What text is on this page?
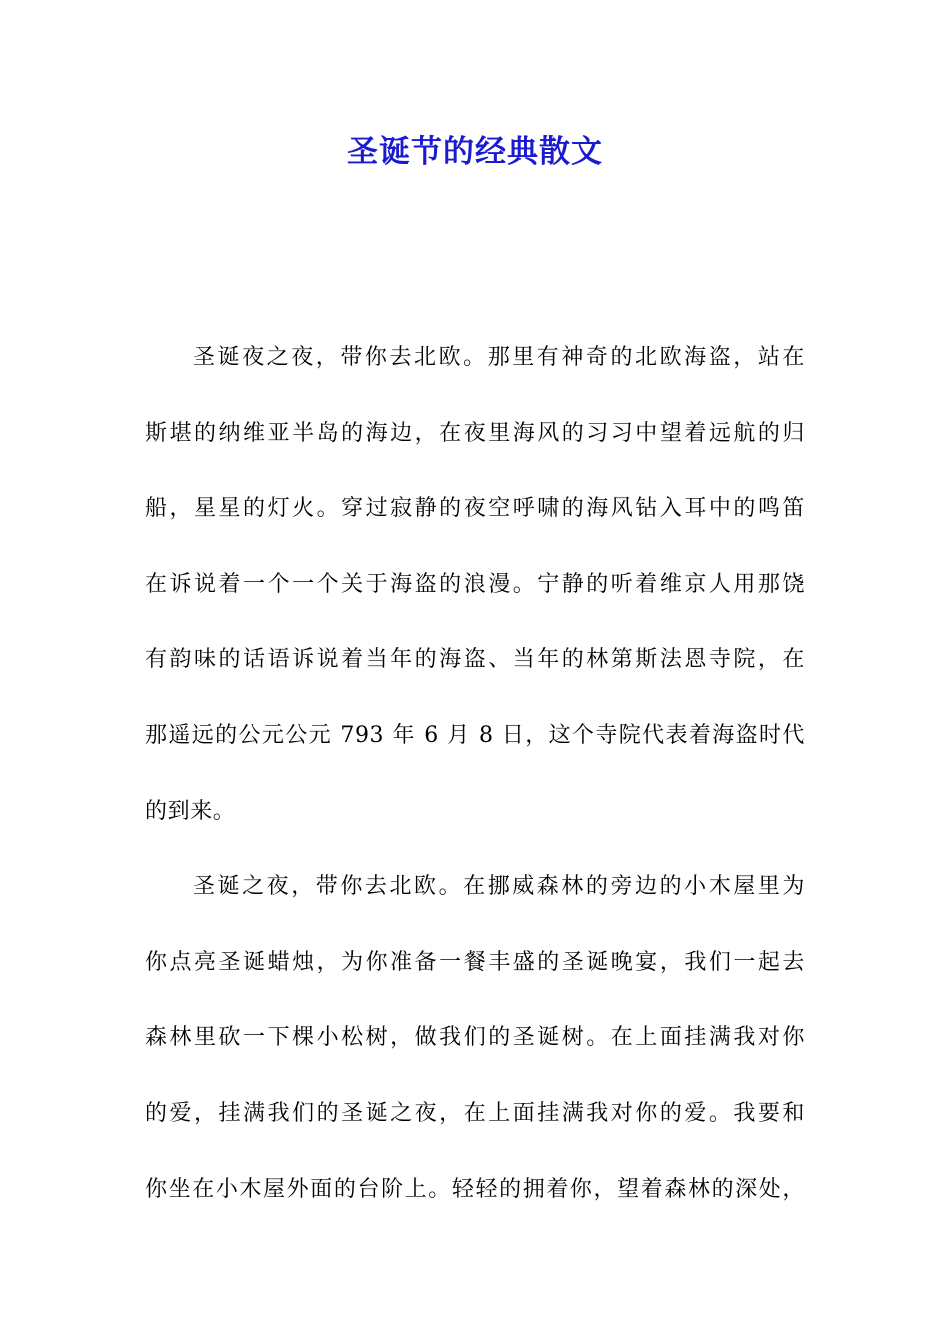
圣诞节的经典散文
圣诞夜之夜，带你去北欧。那里有神奇的北欧海盗，站在
斯堪的纳维亚半岛的海边，在夜里海风的习习中望着远航的归
船，星星的灯火。穿过寂静的夜空呼啸的海风钻入耳中的鸣笛
在诉说着一个一个关于海盗的浪漫。宁静的听着维京人用那饶
有韵味的话语诉说着当年的海盗、当年的林第斯法恩寺院，在
那遥远的公元公元 793 年 6 月 8 日，这个寺院代表着海盗时代
的到来。
圣诞之夜，带你去北欧。在挪威森林的旁边的小木屋里为
你点亮圣诞蜡烛，为你准备一餐丰盛的圣诞晚宴，我们一起去
森林里砍一下棵小松树，做我们的圣诞树。在上面挂满我对你
的爱，挂满我们的圣诞之夜，在上面挂满我对你的爱。我要和
你坐在小木屋外面的台阶上。轻轻的拥着你，望着森林的深处，
